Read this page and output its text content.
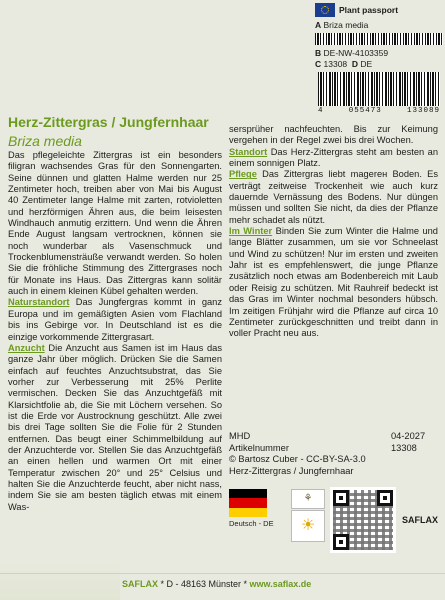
Plant passport
A Briza media
B DE-NW-4103359
C 13308 D DE
4	055473	133089
Herz-Zittergras / Jungfernhaar
Briza media

Das pflegeleichte Zittergras ist ein besonders filigran wachsendes Gras für den Sonnengarten. Seine dünnen und glatten Halme werden nur 25 Zentimeter hoch, treiben aber von Mai bis August 40 Zentimeter lange Halme mit zarten, rotvioletten und herzförmigen Ähren aus, die beim leisesten Windhauch anmutig erzittern. Und wenn die Ähren Ende August langsam vertrocknen, können sie noch wunderbar als Vasenschmuck und Trockenblumensträuße verwandt werden. So holen Sie die fröhliche Stimmung des Zittergrases noch für Monate ins Haus. Das Zittergras kann solitär auch in einem kleinen Kübel gehalten werden.

Naturstandort Das Jungfergras kommt in ganz Europa und im gemäßigten Asien vom Flachland bis ins Gebirge vor. In Deutschland ist es die einzige vorkommende Zittergrasart.

Anzucht Die Anzucht aus Samen ist im Haus das ganze Jahr über möglich. Drücken Sie die Samen einfach auf feuchtes Anzuchtsubstrat, das Sie vorher zur Verbesserung mit 25% Perlite vermischen. Decken Sie das Anzuchtgefäß mit Klarsichtfolie ab, die Sie mit Löchern versehen. So ist die Erde vor Austrocknung geschützt. Alle zwei bis drei Tage sollten Sie die Folie für 2 Stunden entfernen. Das beugt einer Schimmelbildung auf der Anzuchterde vor. Stellen Sie das Anzuchtgefäß an einen hellen und warmen Ort mit einer Temperatur zwischen 20° und 25° Celsius und halten Sie die Anzuchterde feucht, aber nicht nass, indem Sie sie am besten täglich etwas mit einem Was-

sersprüher nachfeuchten. Bis zur Keimung vergehen in der Regel zwei bis drei Wochen.

Standort Das Herz-Zittergras steht am besten an einem sonnigen Platz.

Pflege Das Zittergras liebt magerен Boden. Es verträgt zeitweise Trockenheit wie auch kurz dauernde Vernässung des Bodens. Nur düngen müssen und sollten Sie nicht, da dies der Pflanze mehr schadet als nützt.

Im Winter Binden Sie zum Winter die Halme und lange Blätter zusammen, um sie vor Schneelast und Wind zu schützen! Nur im ersten und zweiten Jahr ist es empfehlenswert, die junge Pflanze zusätzlich noch etwas am Bodenbereich mit Laub oder Reisig zu schützen. Mit Rauhreif bedeckt ist das Gras im Winter nochmal besonders hübsch. Im zeitigen Frühjahr wird die Pflanze auf circa 10 Zentimeter zurückgeschnitten und treibt dann in voller Pracht neu aus.

MHD	04-2027
Artikelnummer	13308
© Bartosz Cuber - CC-BY-SA-3.0
Herz-Zittergras / Jungfernhaar
Deutsch - DE
⚘
☀	SAFLAX
SAFLAX * D - 48163 Münster * www.saflax.de
